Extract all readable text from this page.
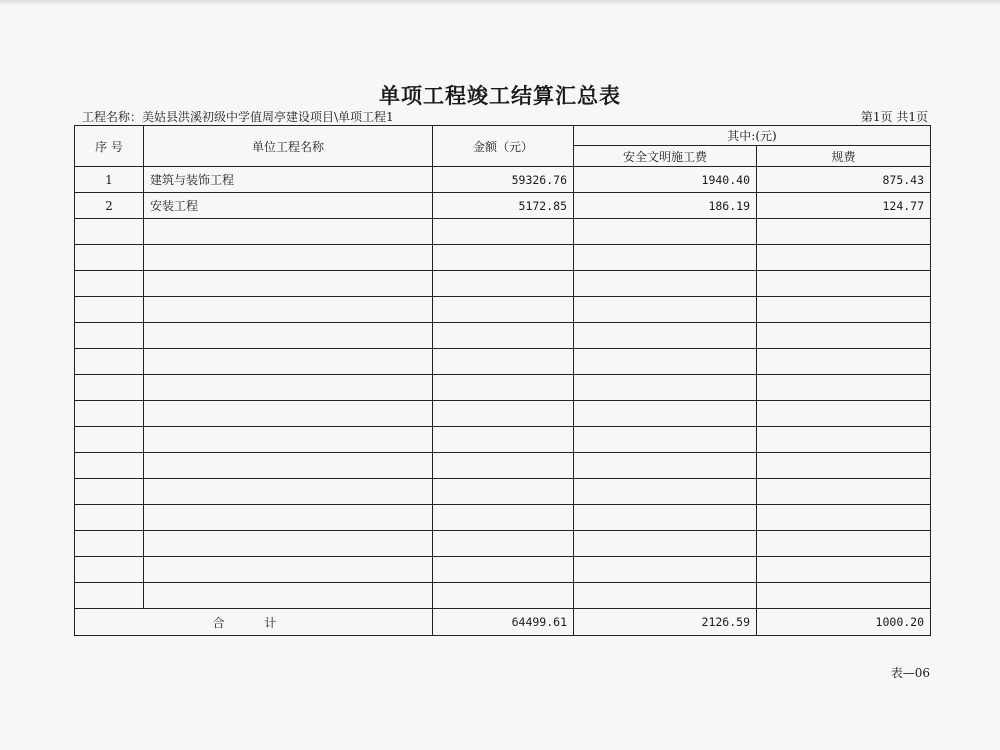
单项工程竣工结算汇总表
工程名称：美姑县洪溪初级中学值周亭建设项目\单项工程1	第1页 共1页
序 号	单位工程名称	金额（元）	其中:(元)	
			安全文明施工费	规费
1	建筑与装饰工程	59326.76	1940.40	875.43
2	安装工程	5172.85	186.19	124.77

合 计		64499.61	2126.59	1000.20
表—06
